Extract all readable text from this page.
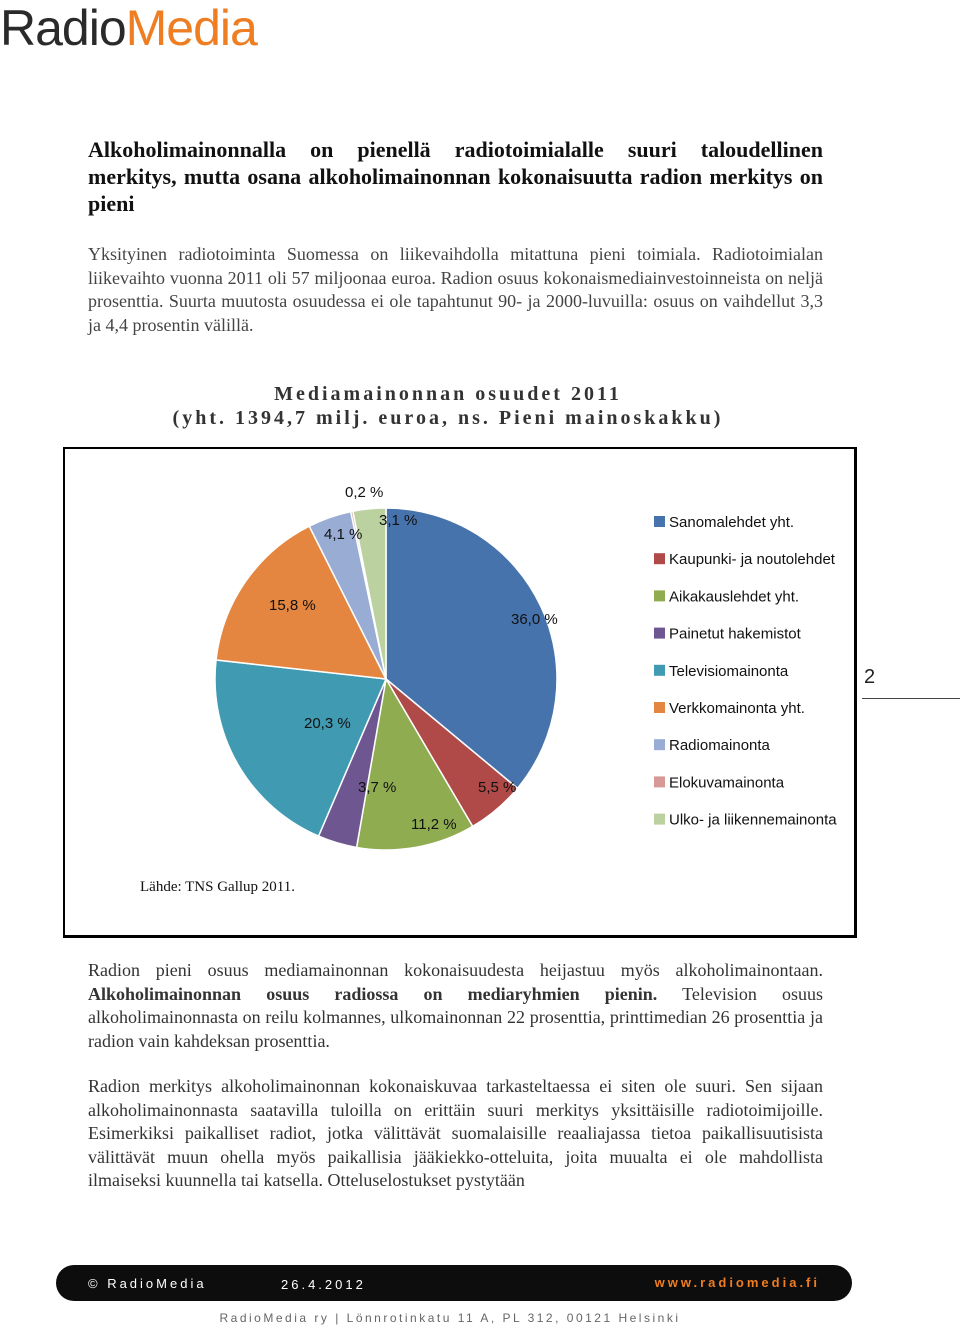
RadioMedia
Alkoholimainonnalla on pienellä radiotoimialalle suuri taloudellinen merkitys, mutta osana alkoholimainonnan kokonaisuutta radion merkitys on pieni
Yksityinen radiotoiminta Suomessa on liikevaihdolla mitattuna pieni toimiala. Radiotoimialan liikevaihto vuonna 2011 oli 57 miljoonaa euroa. Radion osuus kokonaismediainvestoinneista on neljä prosenttia. Suurta muutosta osuudessa ei ole tapahtunut 90- ja 2000-luvuilla: osuus on vaihdellut 3,3 ja 4,4 prosentin välillä.
Mediamainonnan osuudet 2011
(yht. 1394,7 milj. euroa, ns. Pieni mainoskakku)
36,0 %
5,5 %
11,2 %
3,7 %
20,3 %
15,8 %
4,1 %
0,2 %
3,1 %	Sanomalehdet yht.
Kaupunki- ja noutolehdet
Aikakauslehdet yht.
Painetut hakemistot
Televisiomainonta
Verkkomainonta yht.
Radiomainonta
Elokuvamainonta
Ulko- ja liikennemainonta
Lähde: TNS Gallup 2011.
2
Radion pieni osuus mediamainonnan kokonaisuudesta heijastuu myös alkoholimainontaan. Alkoholimainonnan osuus radiossa on mediaryhmien pienin. Television osuus alkoholimainonnasta on reilu kolmannes, ulkomainonnan 22 prosenttia, printtimedian 26 prosenttia ja radion vain kahdeksan prosenttia.
Radion merkitys alkoholimainonnan kokonaiskuvaa tarkasteltaessa ei siten ole suuri. Sen sijaan alkoholimainonnasta saatavilla tuloilla on erittäin suuri merkitys yksittäisille radiotoimijoille. Esimerkiksi paikalliset radiot, jotka välittävät suomalaisille reaaliajassa tietoa paikallisuutisista välittävät muun ohella myös paikallisia jääkiekko-otteluita, joita muualta ei ole mahdollista ilmaiseksi kuunnella tai katsella. Otteluselostukset pystytään
© RadioMedia	26.4.2012	www.radiomedia.fi
RadioMedia ry | Lönnrotinkatu 11 A, PL 312, 00121 Helsinki
